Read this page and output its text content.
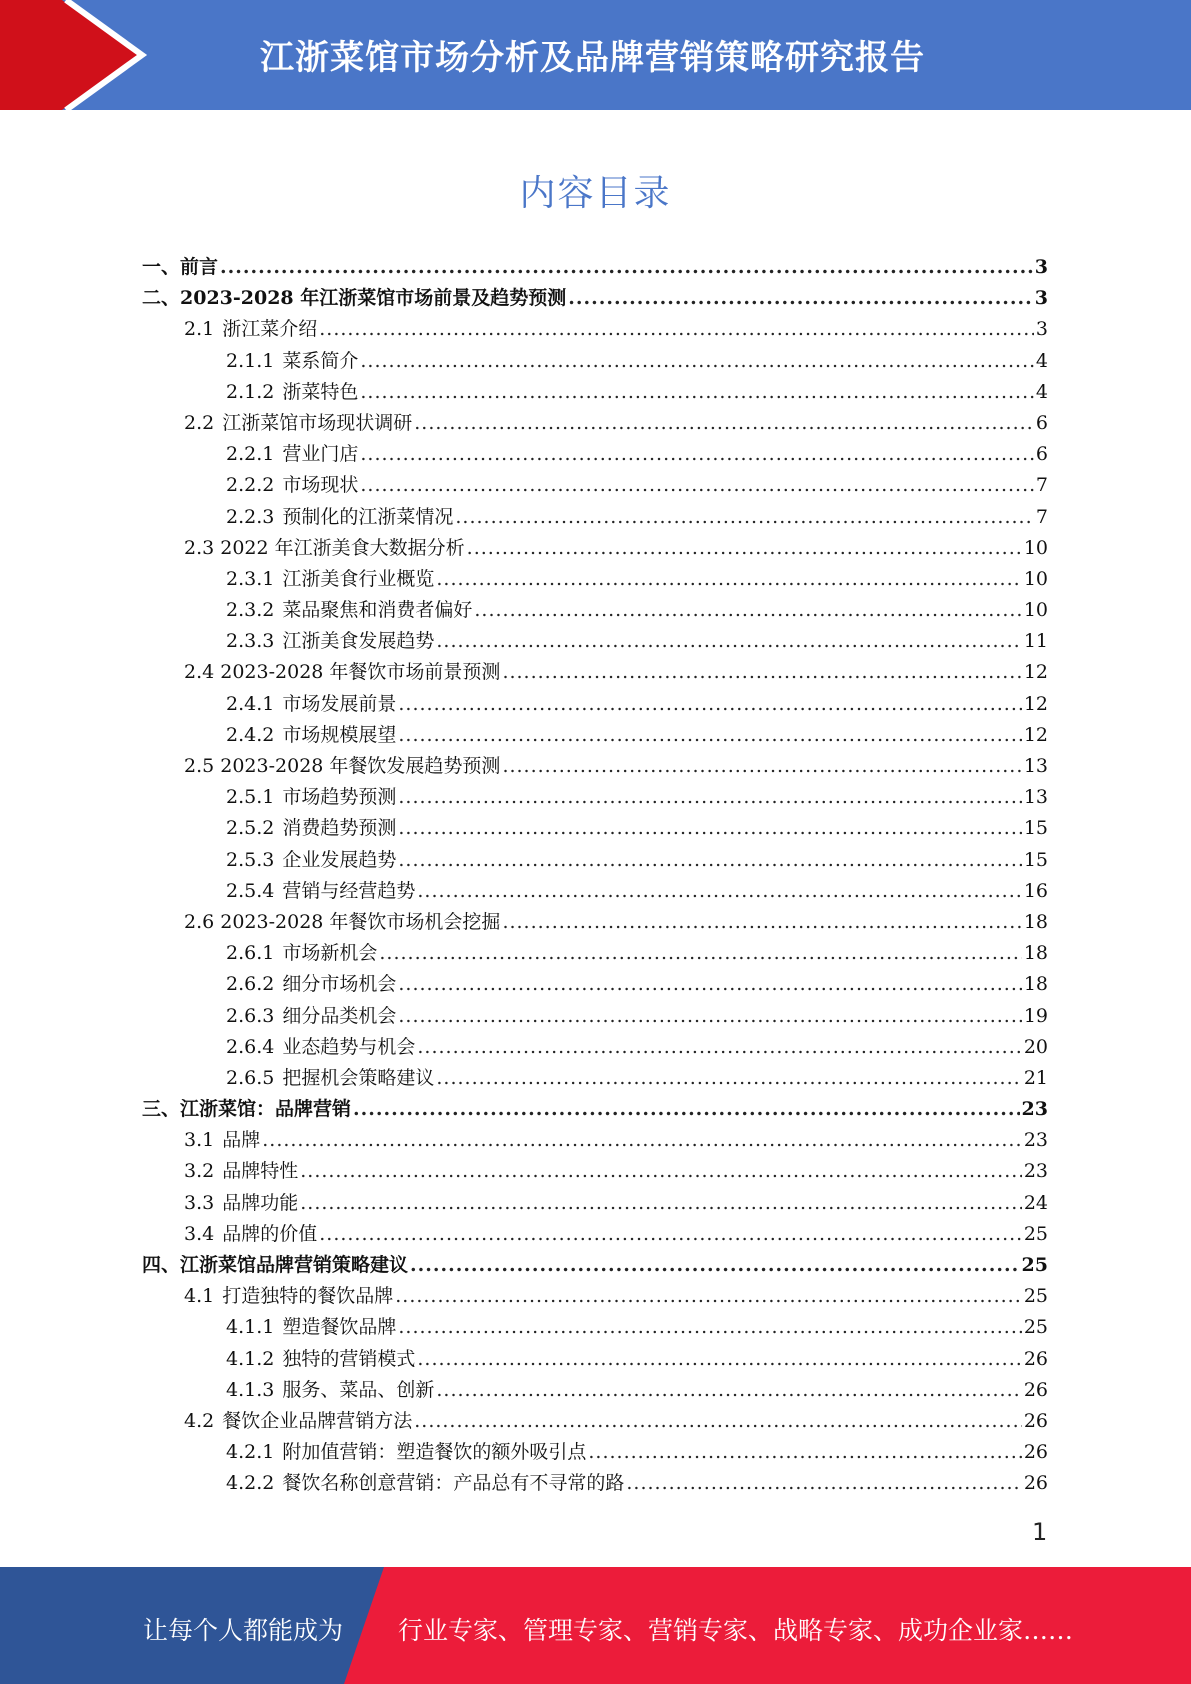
江浙菜馆市场分析及品牌营销策略研究报告
内容目录
一、前言 .....	3
二、2023-2028 年江浙菜馆市场前景及趋势预测 .....	3
2.1 浙江菜介绍 .....	3
2.1.1 菜系简介 .....	4
2.1.2 浙菜特色 .....	4
2.2 江浙菜馆市场现状调研 .....	6
2.2.1 营业门店 .....	6
2.2.2 市场现状 .....	7
2.2.3 预制化的江浙菜情况 .....	7
2.3 2022 年江浙美食大数据分析 .....	10
2.3.1 江浙美食行业概览 .....	10
2.3.2 菜品聚焦和消费者偏好 .....	10
2.3.3 江浙美食发展趋势 .....	11
2.4 2023-2028 年餐饮市场前景预测 .....	12
2.4.1 市场发展前景 .....	12
2.4.2 市场规模展望 .....	12
2.5 2023-2028 年餐饮发展趋势预测 .....	13
2.5.1 市场趋势预测 .....	13
2.5.2 消费趋势预测 .....	15
2.5.3 企业发展趋势 .....	15
2.5.4 营销与经营趋势 .....	16
2.6 2023-2028 年餐饮市场机会挖掘 .....	18
2.6.1 市场新机会 .....	18
2.6.2 细分市场机会 .....	18
2.6.3 细分品类机会 .....	19
2.6.4 业态趋势与机会 .....	20
2.6.5 把握机会策略建议 .....	21
三、江浙菜馆：品牌营销 .....	23
3.1 品牌 .....	23
3.2 品牌特性 .....	23
3.3 品牌功能 .....	24
3.4 品牌的价值 .....	25
四、江浙菜馆品牌营销策略建议 .....	25
4.1 打造独特的餐饮品牌 .....	25
4.1.1 塑造餐饮品牌 .....	25
4.1.2 独特的营销模式 .....	26
4.1.3 服务、菜品、创新 .....	26
4.2 餐饮企业品牌营销方法 .....	26
4.2.1 附加值营销：塑造餐饮的额外吸引点 .....	26
4.2.2 餐饮名称创意营销：产品总有不寻常的路 .....	26
1
让每个人都能成为 行业专家、管理专家、营销专家、战略专家、成功企业家……
